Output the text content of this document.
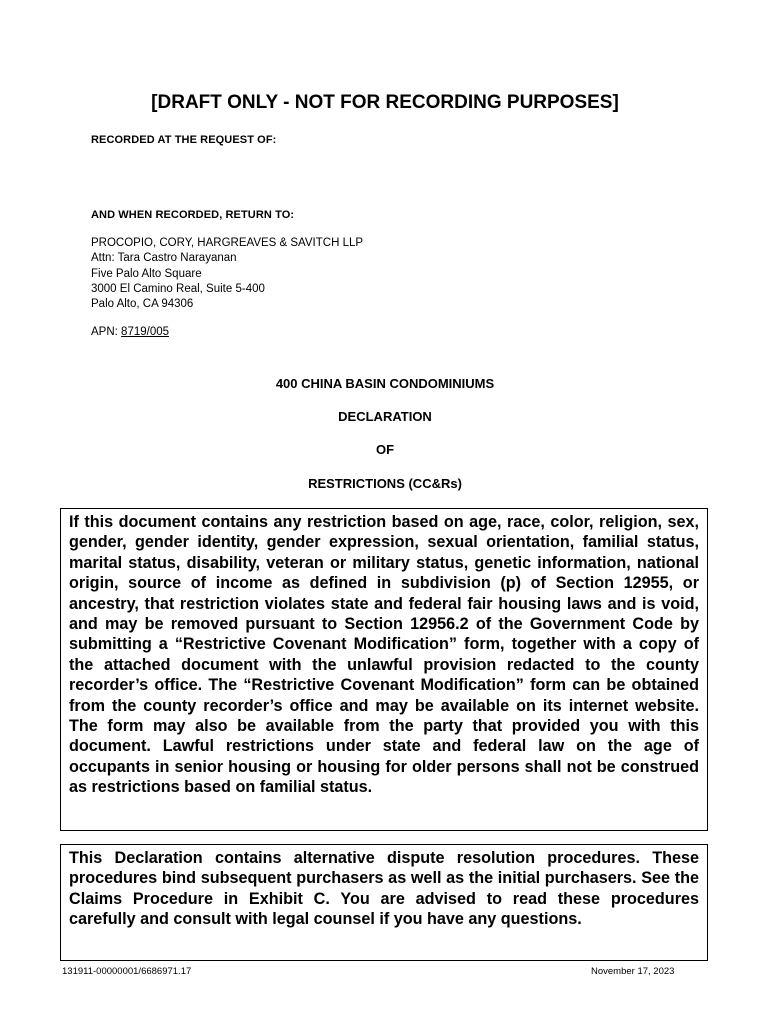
[DRAFT ONLY - NOT FOR RECORDING PURPOSES]
RECORDED AT THE REQUEST OF:
AND WHEN RECORDED, RETURN TO:
PROCOPIO, CORY, HARGREAVES & SAVITCH LLP
Attn: Tara Castro Narayanan
Five Palo Alto Square
3000 El Camino Real, Suite 5-400
Palo Alto, CA 94306
APN: 8719/005
400 CHINA BASIN CONDOMINIUMS
DECLARATION
OF
RESTRICTIONS (CC&Rs)
If this document contains any restriction based on age, race, color, religion, sex, gender, gender identity, gender expression, sexual orientation, familial status, marital status, disability, veteran or military status, genetic information, national origin, source of income as defined in subdivision (p) of Section 12955, or ancestry, that restriction violates state and federal fair housing laws and is void, and may be removed pursuant to Section 12956.2 of the Government Code by submitting a “Restrictive Covenant Modification” form, together with a copy of the attached document with the unlawful provision redacted to the county recorder’s office. The “Restrictive Covenant Modification” form can be obtained from the county recorder’s office and may be available on its internet website. The form may also be available from the party that provided you with this document. Lawful restrictions under state and federal law on the age of occupants in senior housing or housing for older persons shall not be construed as restrictions based on familial status.
This Declaration contains alternative dispute resolution procedures. These procedures bind subsequent purchasers as well as the initial purchasers. See the Claims Procedure in Exhibit C. You are advised to read these procedures carefully and consult with legal counsel if you have any questions.
131911-00000001/6686971.17	November 17, 2023
